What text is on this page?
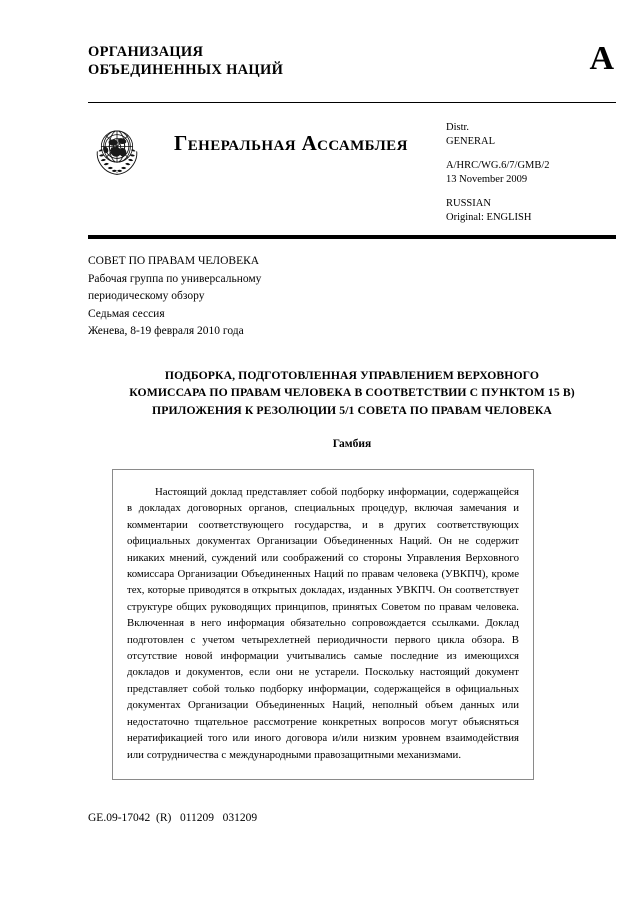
ОРГАНИЗАЦИЯ
ОБЪЕДИНЕННЫХ НАЦИЙ	A
Генеральная Ассамблея
Distr.
GENERAL
A/HRC/WG.6/7/GMB/2
13 November 2009
RUSSIAN
Original: ENGLISH
СОВЕТ ПО ПРАВАМ ЧЕЛОВЕКА
Рабочая группа по универсальному
периодическому обзору
Седьмая сессия
Женева, 8-19 февраля 2010 года
ПОДБОРКА, ПОДГОТОВЛЕННАЯ УПРАВЛЕНИЕМ ВЕРХОВНОГО
КОМИССАРА ПО ПРАВАМ ЧЕЛОВЕКА В СООТВЕТСТВИИ С ПУНКТОМ 15 В)
ПРИЛОЖЕНИЯ К РЕЗОЛЮЦИИ 5/1 СОВЕТА ПО ПРАВАМ ЧЕЛОВЕКА
Гамбия

Настоящий доклад представляет собой подборку информации, содержащейся в докладах договорных органов, специальных процедур, включая замечания и комментарии соответствующего государства, и в других соответствующих официальных документах Организации Объединенных Наций. Он не содержит никаких мнений, суждений или соображений со стороны Управления Верховного комиссара Организации Объединенных Наций по правам человека (УВКПЧ), кроме тех, которые приводятся в открытых докладах, изданных УВКПЧ. Он соответствует структуре общих руководящих принципов, принятых Советом по правам человека. Включенная в него информация обязательно сопровождается ссылками. Доклад подготовлен с учетом четырехлетней периодичности первого цикла обзора. В отсутствие новой информации учитывались самые последние из имеющихся докладов и документов, если они не устарели. Поскольку настоящий документ представляет собой только подборку информации, содержащейся в официальных документах Организации Объединенных Наций, неполный объем данных или недостаточно тщательное рассмотрение конкретных вопросов могут объясняться нератификацией того или иного договора и/или низким уровнем взаимодействия или сотрудничества с международными правозащитными механизмами.

GE.09-17042  (R)   011209   031209
